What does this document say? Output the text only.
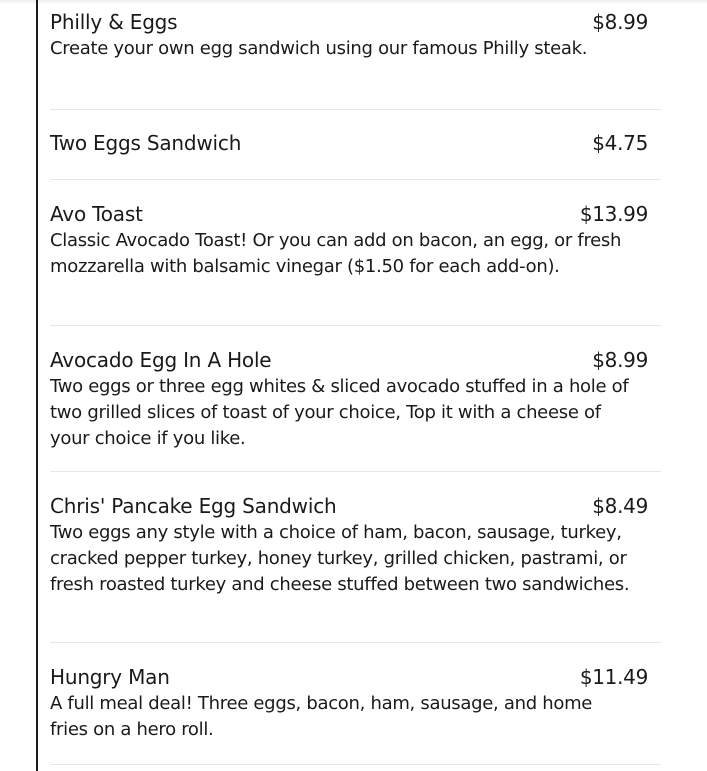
Philly & Eggs	$8.99
Create your own egg sandwich using our famous Philly steak.
Two Eggs Sandwich	$4.75
Avo Toast	$13.99
Classic Avocado Toast! Or you can add on bacon, an egg, or fresh mozzarella with balsamic vinegar ($1.50 for each add-on).
Avocado Egg In A Hole	$8.99
Two eggs or three egg whites & sliced avocado stuffed in a hole of two grilled slices of toast of your choice, Top it with a cheese of your choice if you like.
Chris' Pancake Egg Sandwich	$8.49
Two eggs any style with a choice of ham, bacon, sausage, turkey, cracked pepper turkey, honey turkey, grilled chicken, pastrami, or fresh roasted turkey and cheese stuffed between two sandwiches.
Hungry Man	$11.49
A full meal deal! Three eggs, bacon, ham, sausage, and home fries on a hero roll.
